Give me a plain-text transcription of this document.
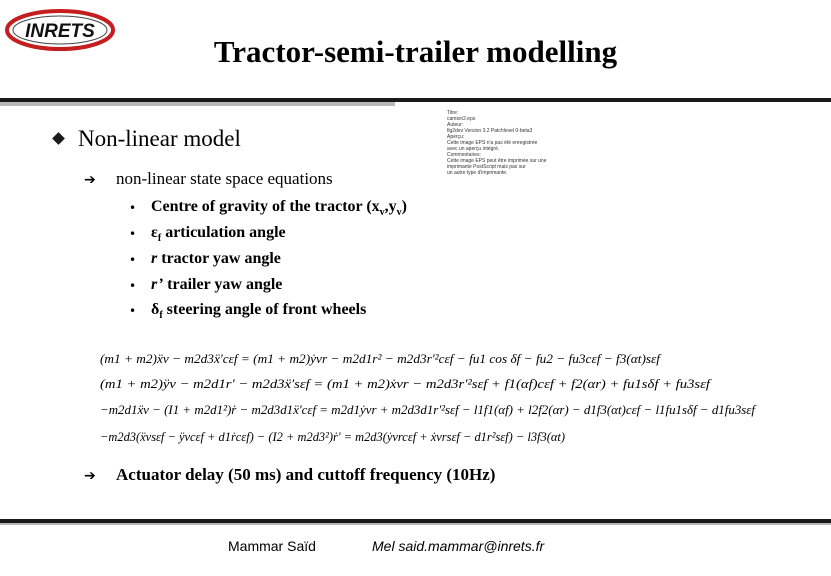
INRETS
Tractor-semi-trailer modelling
Titre:
camion2.eps
Auteur:
fig2dev Version 3.2 Patchlevel 0-beta3
Aperçu:
Cette image EPS n'a pas été enregistrée
avec un aperçu intégré.
Commentaires:
Cette image EPS peut être imprimée sur une
imprimante PostScript mais pas sur
un autre type d'imprimante.
Non-linear model
➔ non-linear state space equations
• Centre of gravity of the tractor $(x_v,y_v)$
• $\varepsilon_f$ articulation angle
• r tractor yaw angle
• r’ trailer yaw angle
• $\delta_f$ steering angle of front wheels
(m1 + m2)ẍv − m2d3ẍ'cεf = (m1 + m2)ẏvr − m2d1r² − m2d3r'²cεf − fu1 cos δf − fu2 − fu3cεf − f3(αt)sεf
(m1 + m2)ÿv − m2d1r' − m2d3ẍ'sεf = (m1 + m2)ẋvr − m2d3r'²sεf + f1(αf)cεf + f2(αr) + fu1sδf + fu3sεf
−m2d1ẍv − (I1 + m2d1²)ṙ − m2d3d1ẍ'cεf = m2d1ẏvr + m2d3d1r'²sεf − l1f1(αf) + l2f2(αr) − d1f3(αt)cεf − l1fu1sδf − d1fu3sεf
−m2d3(ẍvsεf − ÿvcεf + d1ṙcεf) − (I2 + m2d3²)ṙ' = m2d3(ẏvrcεf + ẋvrsεf − d1r²sεf) − l3f3(αt)
➔ Actuator delay (50 ms) and cuttoff frequency (10Hz)
Mammar Saïd	Mel said.mammar@inrets.fr
